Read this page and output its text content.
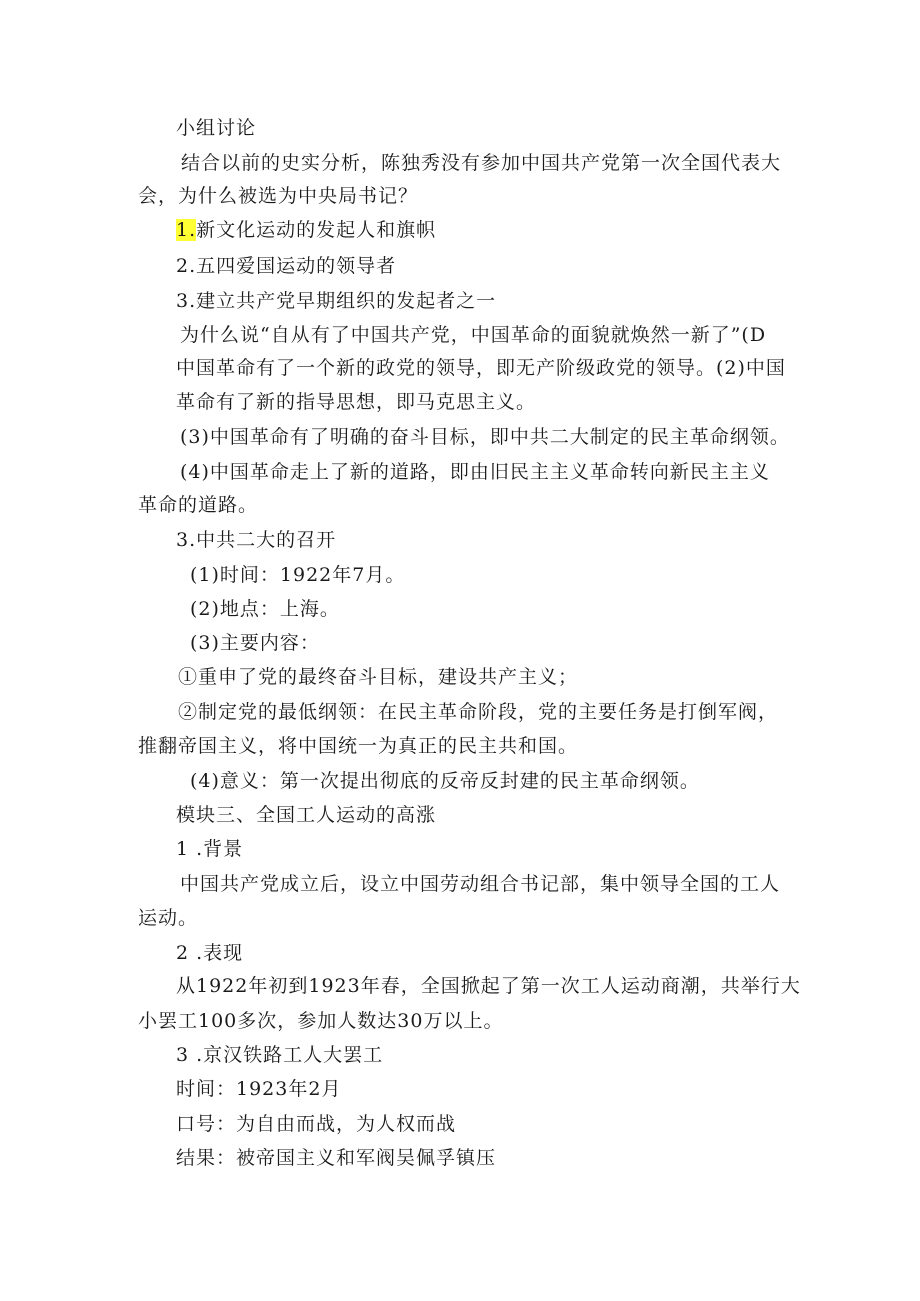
小组讨论
结合以前的史实分析，陈独秀没有参加中国共产党第一次全国代表大
会，为什么被选为中央局书记？
1.新文化运动的发起人和旗帜
2.五四爱国运动的领导者
3.建立共产党早期组织的发起者之一
为什么说“自从有了中国共产党，中国革命的面貌就焕然一新了”(D
中国革命有了一个新的政党的领导，即无产阶级政党的领导。(2)中国
革命有了新的指导思想，即马克思主义。
(3)中国革命有了明确的奋斗目标，即中共二大制定的民主革命纲领。
(4)中国革命走上了新的道路，即由旧民主主义革命转向新民主主义
革命的道路。
3.中共二大的召开
(1)时间：1922年7月。
(2)地点：上海。
(3)主要内容：
①重申了党的最终奋斗目标，建设共产主义；
②制定党的最低纲领：在民主革命阶段，党的主要任务是打倒军阀，
推翻帝国主义，将中国统一为真正的民主共和国。
(4)意义：第一次提出彻底的反帝反封建的民主革命纲领。
模块三、全国工人运动的高涨
1 .背景
中国共产党成立后，设立中国劳动组合书记部，集中领导全国的工人
运动。
2 .表现
从1922年初到1923年春，全国掀起了第一次工人运动商潮，共举行大
小罢工100多次，参加人数达30万以上。
3 .京汉铁路工人大罢工
时间：1923年2月
口号：为自由而战，为人权而战
结果：被帝国主义和军阀吴佩孚镇压
